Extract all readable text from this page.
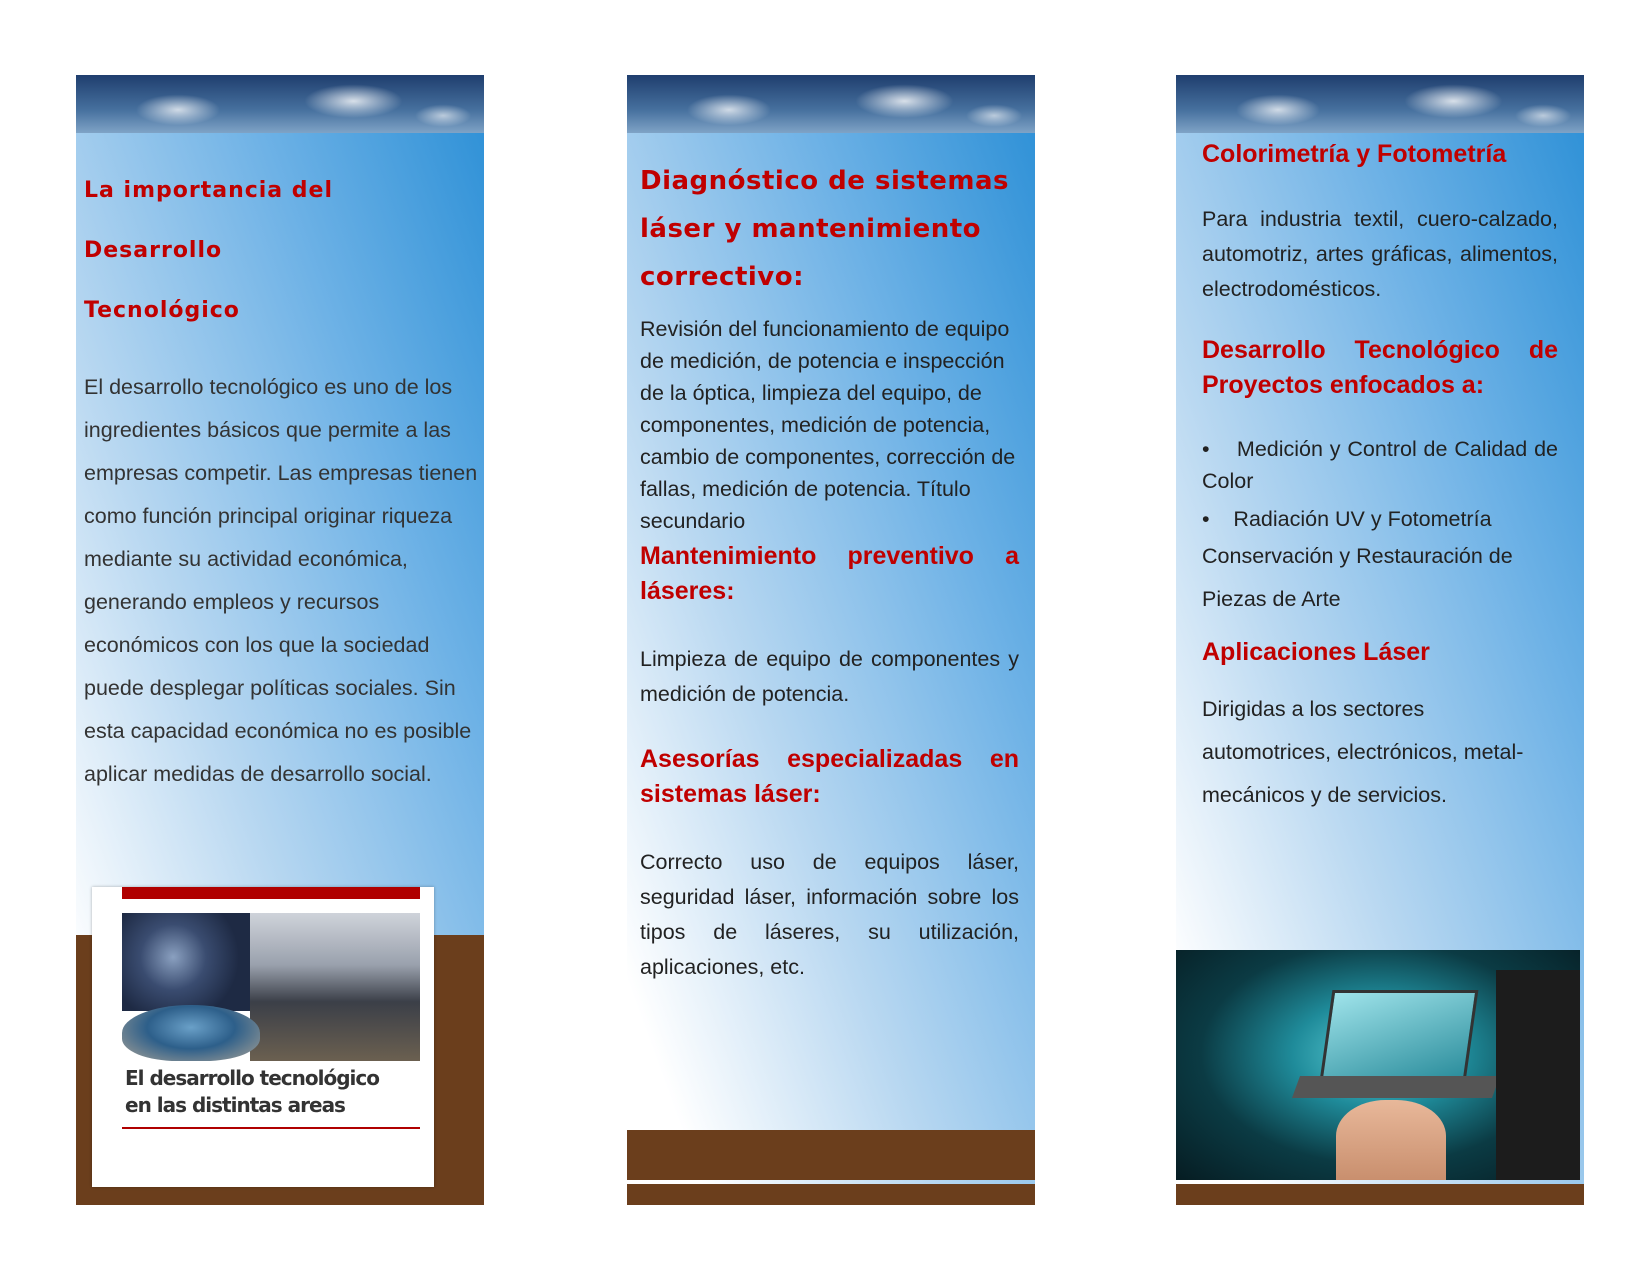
La importancia del
Desarrollo
Tecnológico

El desarrollo tecnológico es uno de los ingredientes básicos que permite a las empresas competir. Las empresas tienen como función principal originar riqueza mediante su actividad económica, generando empleos y recursos económicos con los que la sociedad puede desplegar políticas sociales. Sin esta capacidad económica no es posible aplicar medidas de desarrollo social.

El desarrollo tecnológico
en las distintas areas
Diagnóstico de sistemas láser y mantenimiento correctivo:

Revisión del funcionamiento de equipo de medición, de potencia e inspección de la óptica, limpieza del equipo, de componentes, medición de potencia, cambio de componentes, corrección de fallas, medición de potencia. Título secundario

Mantenimiento preventivo a láseres:

Limpieza de equipo de componentes y medición de potencia.

Asesorías especializadas en sistemas láser:

Correcto uso de equipos láser, seguridad láser, información sobre los tipos de láseres, su utilización, aplicaciones, etc.

Colorimetría y Fotometría

Para industria textil, cuero-calzado, automotriz, artes gráficas, alimentos, electrodomésticos.

Desarrollo Tecnológico de Proyectos enfocados a:
•    Medición y Control de Calidad de Color
•    Radiación UV y Fotometría

Conservación y Restauración de Piezas de Arte

Aplicaciones Láser

Dirigidas a los sectores automotrices, electrónicos, metal-mecánicos y de servicios.
